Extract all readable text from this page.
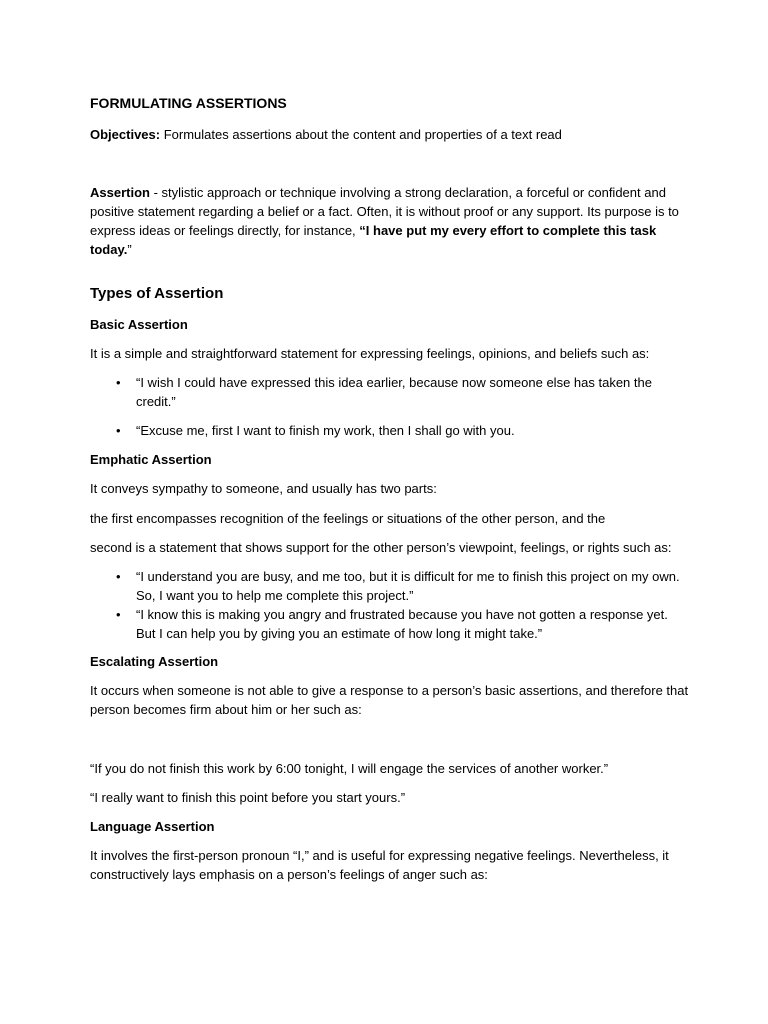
FORMULATING ASSERTIONS

Objectives: Formulates assertions about the content and properties of a text read

Assertion - stylistic approach or technique involving a strong declaration, a forceful or confident and positive statement regarding a belief or a fact. Often, it is without proof or any support. Its purpose is to express ideas or feelings directly, for instance, “I have put my every effort to complete this task today.”

Types of Assertion

Basic Assertion

It is a simple and straightforward statement for expressing feelings, opinions, and beliefs such as:

• “I wish I could have expressed this idea earlier, because now someone else has taken the credit.”
• “Excuse me, first I want to finish my work, then I shall go with you.

Emphatic Assertion

It conveys sympathy to someone, and usually has two parts:

the first encompasses recognition of the feelings or situations of the other person, and the

second is a statement that shows support for the other person’s viewpoint, feelings, or rights such as:

• “I understand you are busy, and me too, but it is difficult for me to finish this project on my own. So, I want you to help me complete this project.”
• “I know this is making you angry and frustrated because you have not gotten a response yet. But I can help you by giving you an estimate of how long it might take.”

Escalating Assertion

It occurs when someone is not able to give a response to a person’s basic assertions, and therefore that person becomes firm about him or her such as:

“If you do not finish this work by 6:00 tonight, I will engage the services of another worker.”

“I really want to finish this point before you start yours.”

Language Assertion

It involves the first-person pronoun “I,” and is useful for expressing negative feelings. Nevertheless, it constructively lays emphasis on a person’s feelings of anger such as:
